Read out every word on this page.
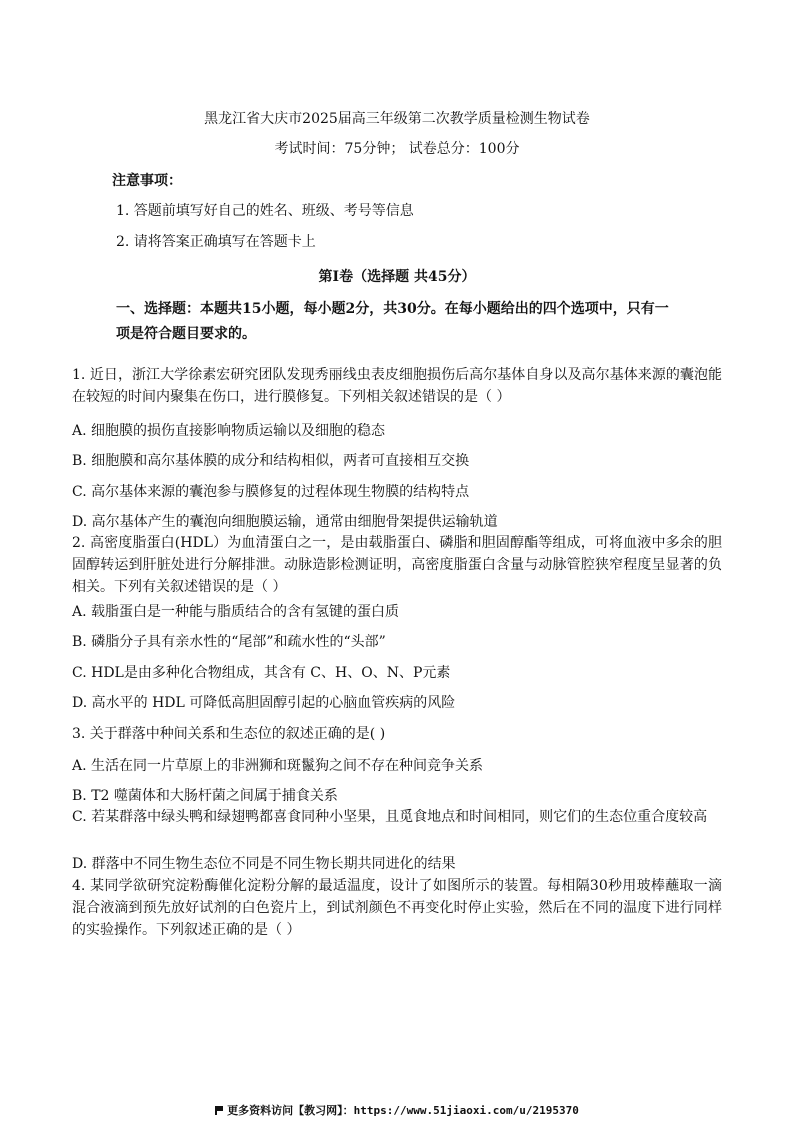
黑龙江省大庆市2025届高三年级第二次教学质量检测生物试卷
考试时间：75分钟； 试卷总分：100分
注意事项：
1. 答题前填写好自己的姓名、班级、考号等信息
2. 请将答案正确填写在答题卡上
第I卷（选择题 共45分）
一、选择题：本题共15小题，每小题2分，共30分。在每小题给出的四个选项中，只有一
项是符合题目要求的。
1. 近日，浙江大学徐素宏研究团队发现秀丽线虫表皮细胞损伤后高尔基体自身以及高尔基体来源的囊泡能在较短的时间内聚集在伤口，进行膜修复。下列相关叙述错误的是（ ）
A. 细胞膜的损伤直接影响物质运输以及细胞的稳态
B. 细胞膜和高尔基体膜的成分和结构相似，两者可直接相互交换
C. 高尔基体来源的囊泡参与膜修复的过程体现生物膜的结构特点
D. 高尔基体产生的囊泡向细胞膜运输，通常由细胞骨架提供运输轨道
2. 高密度脂蛋白(HDL）为血清蛋白之一，是由载脂蛋白、磷脂和胆固醇酯等组成，可将血液中多余的胆固醇转运到肝脏处进行分解排泄。动脉造影检测证明，高密度脂蛋白含量与动脉管腔狭窄程度呈显著的负相关。下列有关叙述错误的是（ ）
A. 载脂蛋白是一种能与脂质结合的含有氢键的蛋白质
B. 磷脂分子具有亲水性的“尾部”和疏水性的“头部”
C. HDL是由多种化合物组成，其含有 C、H、O、N、P元素
D. 高水平的 HDL 可降低高胆固醇引起的心脑血管疾病的风险
3. 关于群落中种间关系和生态位的叙述正确的是( )
A. 生活在同一片草原上的非洲狮和斑鬣狗之间不存在种间竞争关系
B. T2 噬菌体和大肠杆菌之间属于捕食关系
C. 若某群落中绿头鸭和绿翅鸭都喜食同种小坚果，且觅食地点和时间相同，则它们的生态位重合度较高
D. 群落中不同生物生态位不同是不同生物长期共同进化的结果
4. 某同学欲研究淀粉酶催化淀粉分解的最适温度，设计了如图所示的装置。每相隔30秒用玻棒蘸取一滴混合液滴到预先放好试剂的白色瓷片上，到试剂颜色不再变化时停止实验，然后在不同的温度下进行同样的实验操作。下列叙述正确的是（ ）
更多资料访问【教习网】：https://www.51jiaoxi.com/u/2195370
